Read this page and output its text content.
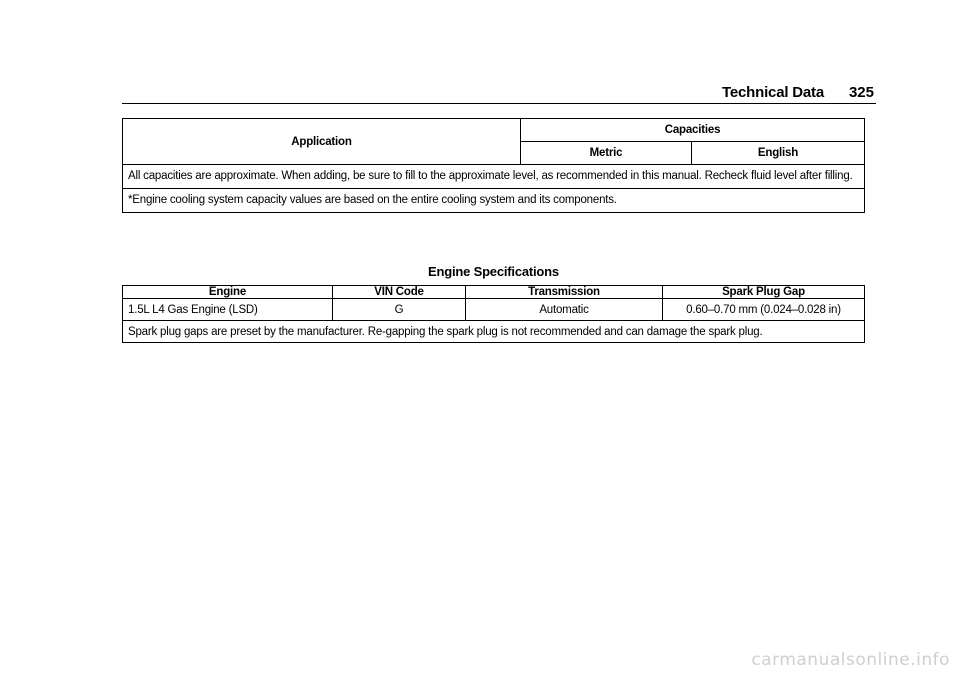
Technical Data 325
Application	Capacities	
	Metric	English
All capacities are approximate. When adding, be sure to fill to the approximate level, as recommended in this manual. Recheck fluid level after filling.		
*Engine cooling system capacity values are based on the entire cooling system and its components.		
Engine Specifications
Engine	VIN Code	Transmission	Spark Plug Gap
1.5L L4 Gas Engine (LSD)	G	Automatic	0.60–0.70 mm (0.024–0.028 in)
Spark plug gaps are preset by the manufacturer. Re-gapping the spark plug is not recommended and can damage the spark plug.			
carmanualsonline.info
